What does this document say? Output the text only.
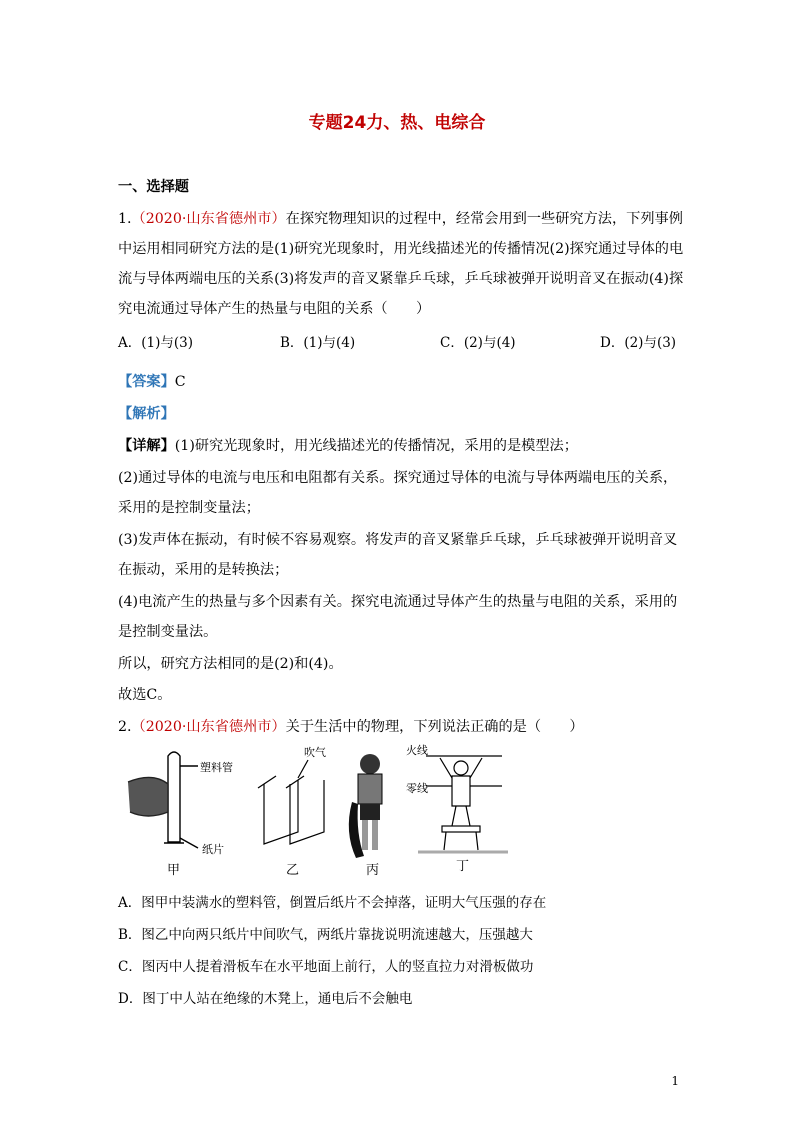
专题24力、热、电综合
一、选择题
1.（2020·山东省德州市）在探究物理知识的过程中，经常会用到一些研究方法，下列事例
中运用相同研究方法的是(1)研究光现象时，用光线描述光的传播情况(2)探究通过导体的电
流与导体两端电压的关系(3)将发声的音叉紧靠乒乓球，乒乓球被弹开说明音叉在振动(4)探
究电流通过导体产生的热量与电阻的关系（　　）
A．(1)与(3)	B．(1)与(4)	C．(2)与(4)	D．(2)与(3)
【答案】C
【解析】
【详解】(1)研究光现象时，用光线描述光的传播情况，采用的是模型法；
(2)通过导体的电流与电压和电阻都有关系。探究通过导体的电流与导体两端电压的关系，
采用的是控制变量法；
(3)发声体在振动，有时候不容易观察。将发声的音叉紧靠乒乓球，乒乓球被弹开说明音叉
在振动，采用的是转换法；
(4)电流产生的热量与多个因素有关。探究电流通过导体产生的热量与电阻的关系，采用的
是控制变量法。
所以，研究方法相同的是(2)和(4)。
故选C。
2.（2020·山东省德州市）关于生活中的物理，下列说法正确的是（　　）
塑料管
纸片
甲
吹气
乙	丙
火线
零线
丁
A．图甲中装满水的塑料管，倒置后纸片不会掉落，证明大气压强的存在
B．图乙中向两只纸片中间吹气，两纸片靠拢说明流速越大，压强越大
C．图丙中人提着滑板车在水平地面上前行，人的竖直拉力对滑板做功
D．图丁中人站在绝缘的木凳上，通电后不会触电
1
